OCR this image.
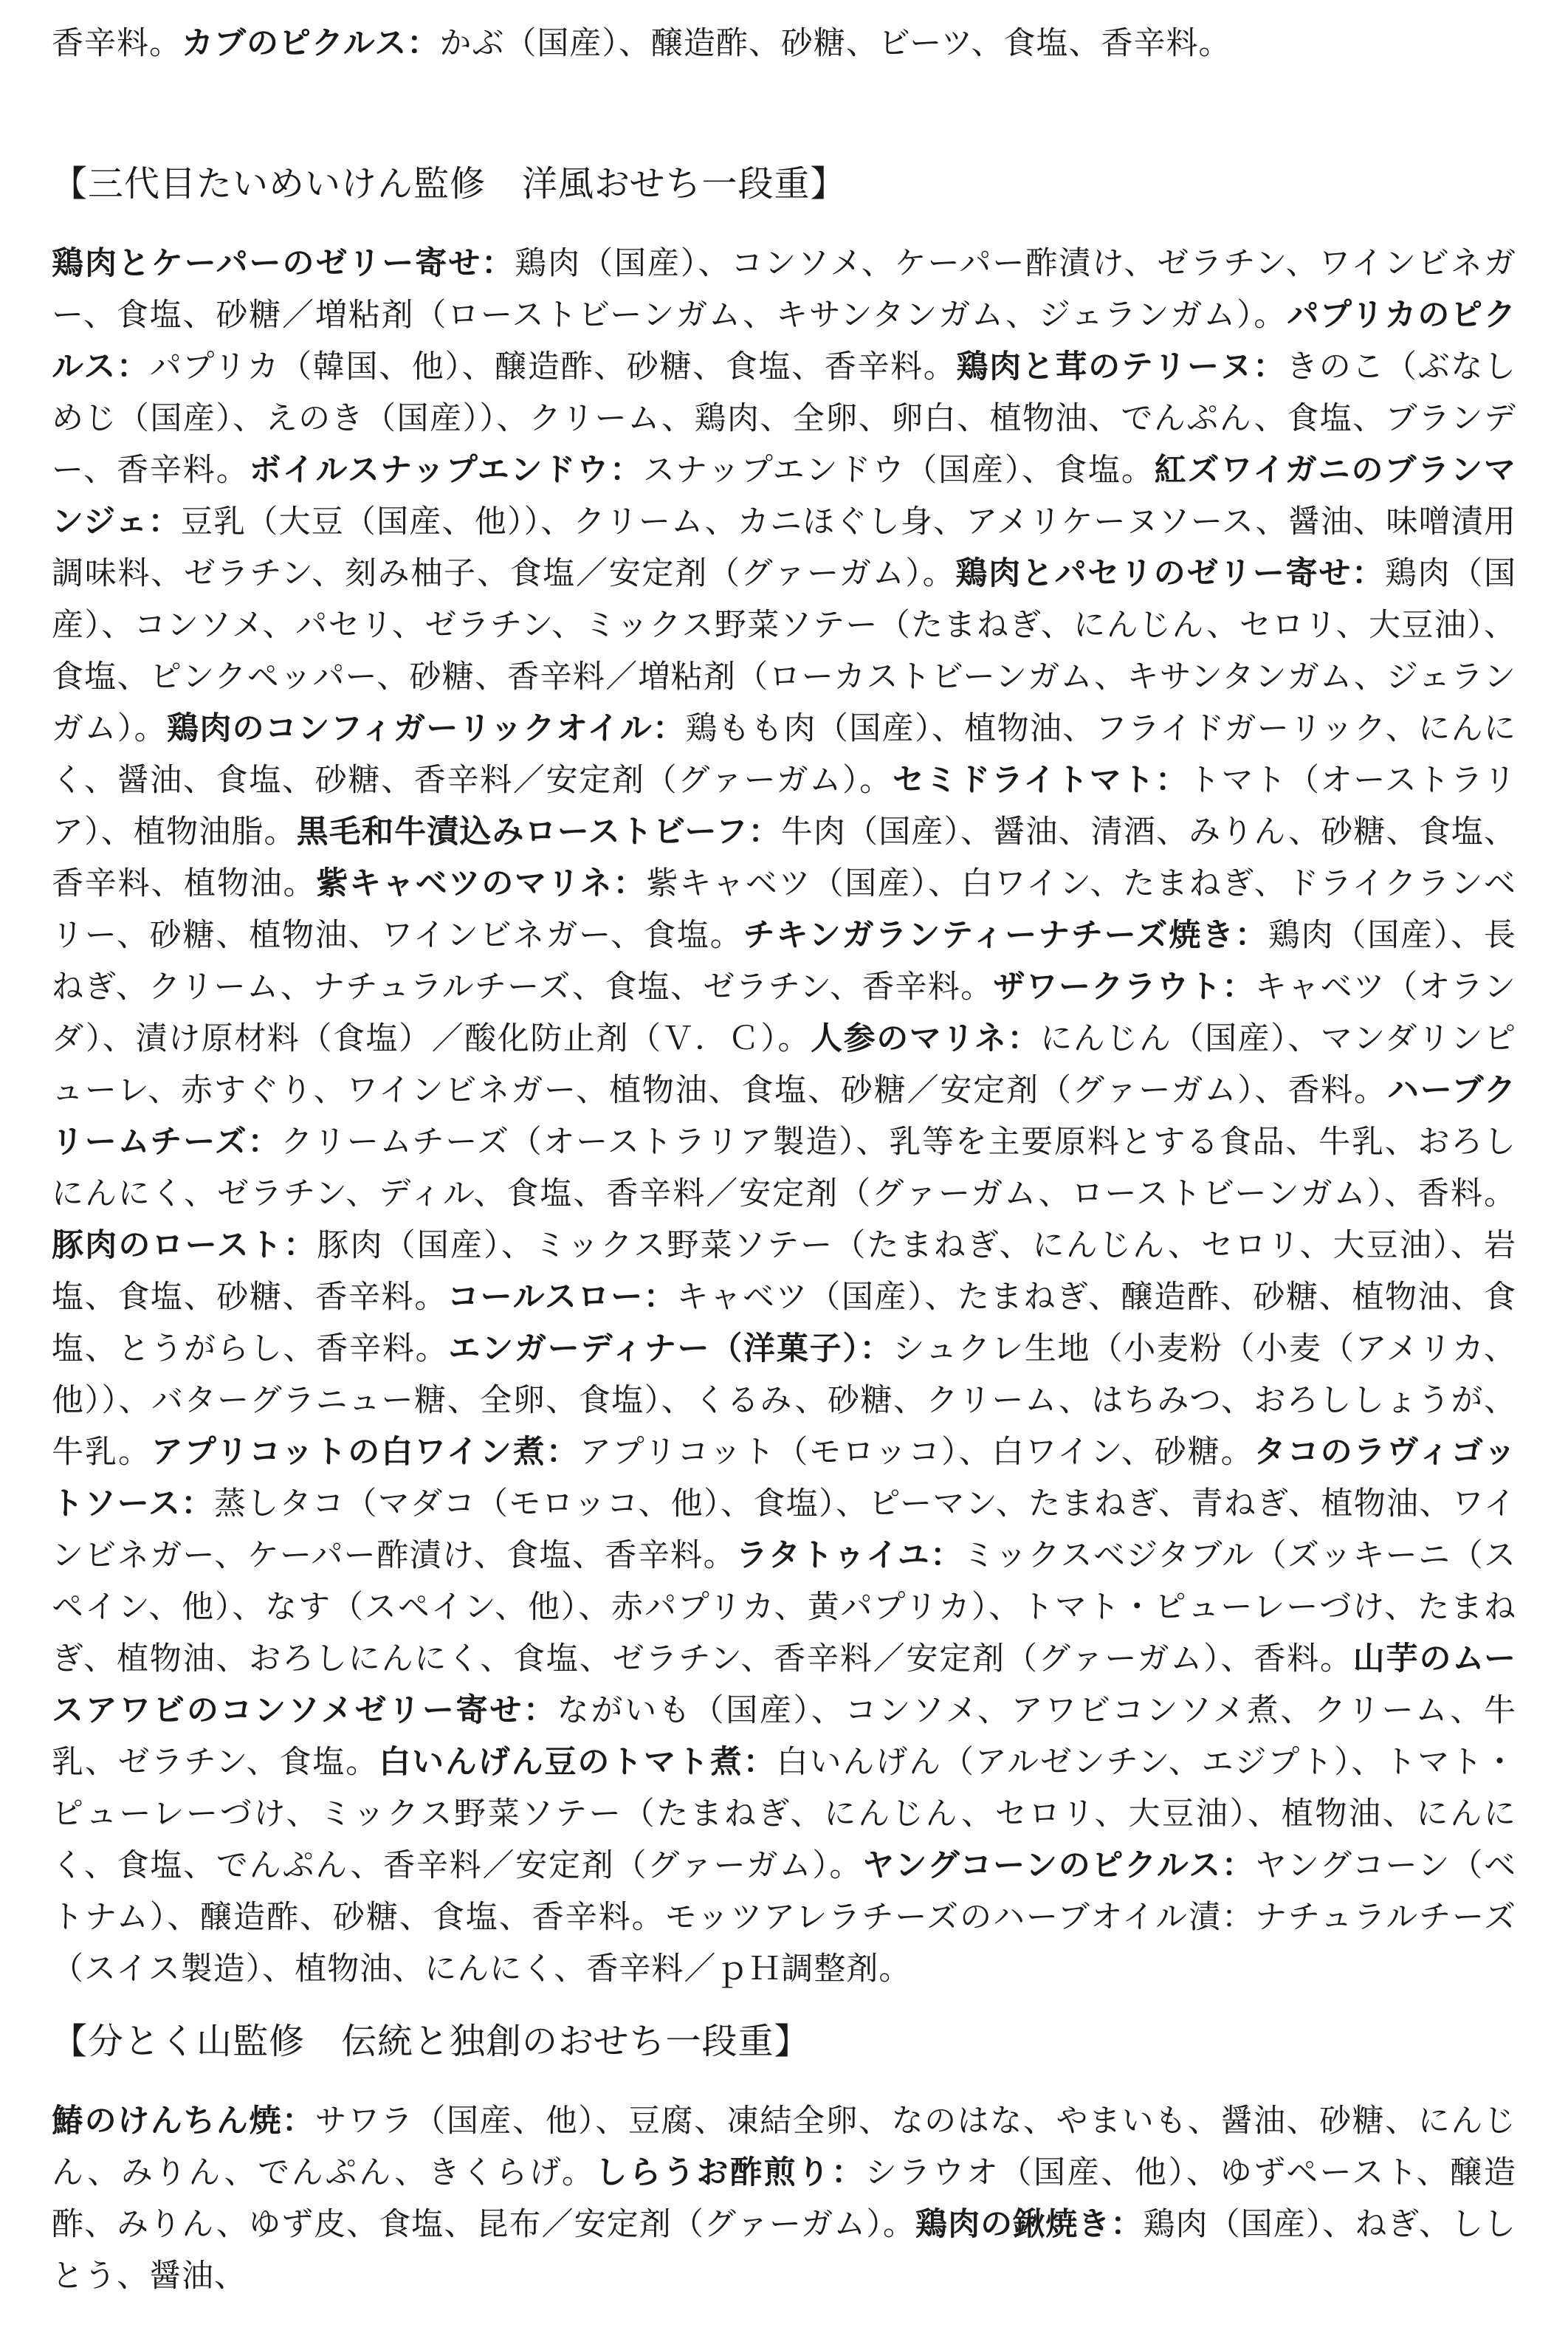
香辛料。カブのピクルス：かぶ（国産）、醸造酢、砂糖、ビーツ、食塩、香辛料。

【三代目たいめいけん監修　洋風おせち一段重】

鶏肉とケーパーのゼリー寄せ：鶏肉（国産）、コンソメ、ケーパー酢漬け、ゼラチン、ワインビネガー、食塩、砂糖／増粘剤（ローストビーンガム、キサンタンガム、ジェランガム）。パプリカのピクルス：パプリカ（韓国、他）、醸造酢、砂糖、食塩、香辛料。鶏肉と茸のテリーヌ：きのこ（ぶなしめじ（国産）、えのき（国産））、クリーム、鶏肉、全卵、卵白、植物油、でんぷん、食塩、ブランデー、香辛料。ボイルスナップエンドウ：スナップエンドウ（国産）、食塩。紅ズワイガニのブランマンジェ：豆乳（大豆（国産、他））、クリーム、カニほぐし身、アメリケーヌソース、醤油、味噌漬用調味料、ゼラチン、刻み柚子、食塩／安定剤（グァーガム）。鶏肉とパセリのゼリー寄せ：鶏肉（国産）、コンソメ、パセリ、ゼラチン、ミックス野菜ソテー（たまねぎ、にんじん、セロリ、大豆油）、食塩、ピンクペッパー、砂糖、香辛料／増粘剤（ローカストビーンガム、キサンタンガム、ジェランガム）。鶏肉のコンフィガーリックオイル：鶏もも肉（国産）、植物油、フライドガーリック、にんにく、醤油、食塩、砂糖、香辛料／安定剤（グァーガム）。セミドライトマト：トマト（オーストラリア）、植物油脂。黒毛和牛漬込みローストビーフ：牛肉（国産）、醤油、清酒、みりん、砂糖、食塩、香辛料、植物油。紫キャベツのマリネ：紫キャベツ（国産）、白ワイン、たまねぎ、ドライクランベリー、砂糖、植物油、ワインビネガー、食塩。チキンガランティーナチーズ焼き：鶏肉（国産）、長ねぎ、クリーム、ナチュラルチーズ、食塩、ゼラチン、香辛料。ザワークラウト：キャベツ（オランダ）、漬け原材料（食塩）／酸化防止剤（Ｖ．Ｃ）。人参のマリネ：にんじん（国産）、マンダリンピューレ、赤すぐり、ワインビネガー、植物油、食塩、砂糖／安定剤（グァーガム）、香料。ハーブクリームチーズ：クリームチーズ（オーストラリア製造）、乳等を主要原料とする食品、牛乳、おろしにんにく、ゼラチン、ディル、食塩、香辛料／安定剤（グァーガム、ローストビーンガム）、香料。豚肉のロースト：豚肉（国産）、ミックス野菜ソテー（たまねぎ、にんじん、セロリ、大豆油）、岩塩、食塩、砂糖、香辛料。コールスロー：キャベツ（国産）、たまねぎ、醸造酢、砂糖、植物油、食塩、とうがらし、香辛料。エンガーディナー（洋菓子）：シュクレ生地（小麦粉（小麦（アメリカ、他））、バターグラニュー糖、全卵、食塩）、くるみ、砂糖、クリーム、はちみつ、おろししょうが、牛乳。アプリコットの白ワイン煮：アプリコット（モロッコ）、白ワイン、砂糖。タコのラヴィゴットソース：蒸しタコ（マダコ（モロッコ、他）、食塩）、ピーマン、たまねぎ、青ねぎ、植物油、ワインビネガー、ケーパー酢漬け、食塩、香辛料。ラタトゥイユ：ミックスベジタブル（ズッキーニ（スペイン、他）、なす（スペイン、他）、赤パプリカ、黄パプリカ）、トマト・ピューレーづけ、たまねぎ、植物油、おろしにんにく、食塩、ゼラチン、香辛料／安定剤（グァーガム）、香料。山芋のムースアワビのコンソメゼリー寄せ：ながいも（国産）、コンソメ、アワビコンソメ煮、クリーム、牛乳、ゼラチン、食塩。白いんげん豆のトマト煮：白いんげん（アルゼンチン、エジプト）、トマト・ピューレーづけ、ミックス野菜ソテー（たまねぎ、にんじん、セロリ、大豆油）、植物油、にんにく、食塩、でんぷん、香辛料／安定剤（グァーガム）。ヤングコーンのピクルス：ヤングコーン（ベトナム）、醸造酢、砂糖、食塩、香辛料。モッツアレラチーズのハーブオイル漬：ナチュラルチーズ（スイス製造）、植物油、にんにく、香辛料／ｐＨ調整剤。

【分とく山監修　伝統と独創のおせち一段重】

鰆のけんちん焼：サワラ（国産、他）、豆腐、凍結全卵、なのはな、やまいも、醤油、砂糖、にんじん、みりん、でんぷん、きくらげ。しらうお酢煎り：シラウオ（国産、他）、ゆずペースト、醸造酢、みりん、ゆず皮、食塩、昆布／安定剤（グァーガム）。鶏肉の鍬焼き：鶏肉（国産）、ねぎ、ししとう、醤油、
